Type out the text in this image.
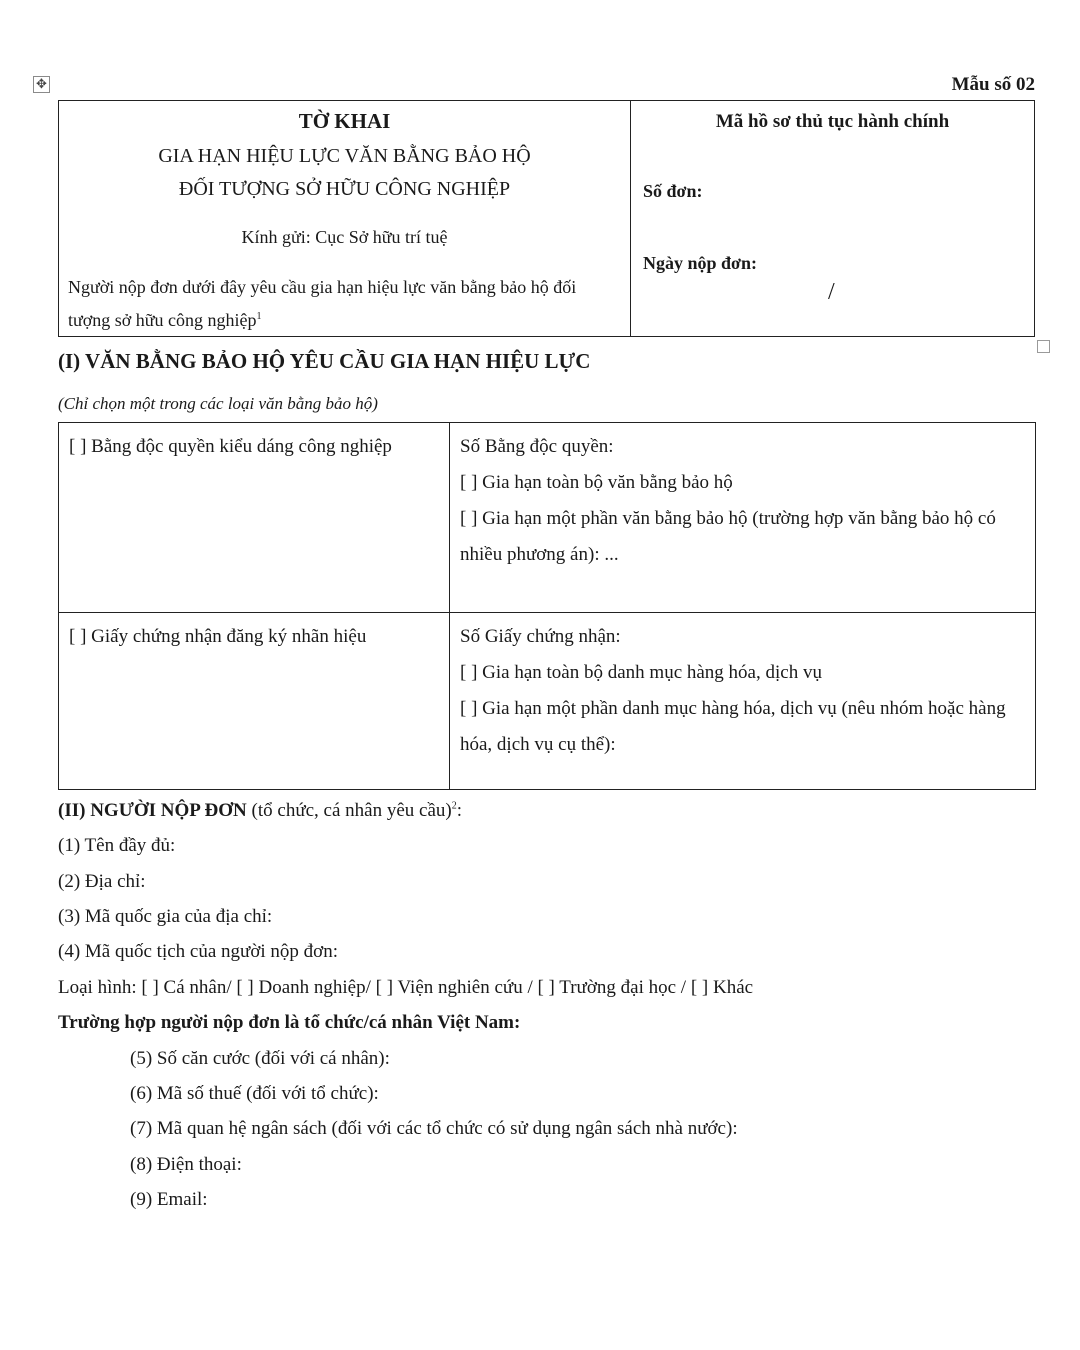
✥	Mẫu số 02
TỜ KHAI
GIA HẠN HIỆU LỰC VĂN BẰNG BẢO HỘ
ĐỐI TƯỢNG SỞ HỮU CÔNG NGHIỆP
Kính gửi: Cục Sở hữu trí tuệ
Người nộp đơn dưới đây yêu cầu gia hạn hiệu lực văn bằng bảo hộ đối tượng sở hữu công nghiệp$^1$
Mã hồ sơ thủ tục hành chính
Số đơn:
Ngày nộp đơn:
/
(I) VĂN BẰNG BẢO HỘ YÊU CẦU GIA HẠN HIỆU LỰC
(Chỉ chọn một trong các loại văn bằng bảo hộ)
[ ] Bằng độc quyền kiểu dáng công nghiệp	Số Bằng độc quyền:
[ ] Gia hạn toàn bộ văn bằng bảo hộ
[ ] Gia hạn một phần văn bằng bảo hộ (trường hợp văn bằng bảo hộ có nhiều phương án): ...

[ ] Giấy chứng nhận đăng ký nhãn hiệu	Số Giấy chứng nhận:
[ ] Gia hạn toàn bộ danh mục hàng hóa, dịch vụ
[ ] Gia hạn một phần danh mục hàng hóa, dịch vụ (nêu nhóm hoặc hàng hóa, dịch vụ cụ thể):
(II) NGƯỜI NỘP ĐƠN (tổ chức, cá nhân yêu cầu)$^2$:
(1) Tên đầy đủ:
(2) Địa chỉ:
(3) Mã quốc gia của địa chỉ:
(4) Mã quốc tịch của người nộp đơn:
Loại hình: [ ] Cá nhân/ [ ] Doanh nghiệp/ [ ] Viện nghiên cứu / [ ] Trường đại học / [ ] Khác
Trường hợp người nộp đơn là tổ chức/cá nhân Việt Nam:
(5) Số căn cước (đối với cá nhân):
(6) Mã số thuế (đối với tổ chức):
(7) Mã quan hệ ngân sách (đối với các tổ chức có sử dụng ngân sách nhà nước):
(8) Điện thoại:
(9) Email:
